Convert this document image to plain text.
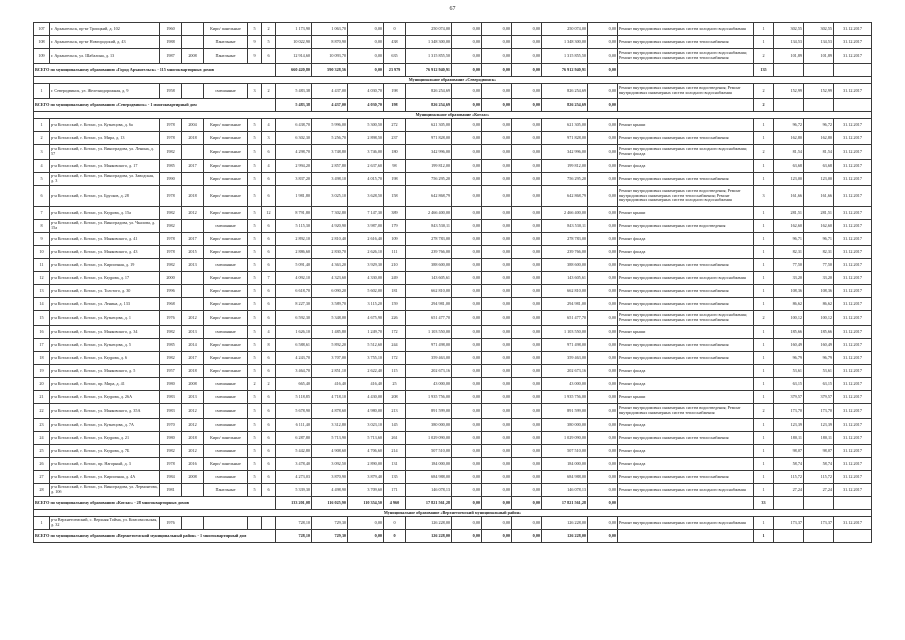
67
107	г. Архангельск, пр-кт Троицкий, д. 102	1960		Кирп/ панельные	5	2	1 173,90	1 063,70	0,00	0	250 074,00	0,00	0,00	0,00	250 074,00	0,00	Ремонт внутридомовых инженерных систем холодного водоснабжения	1	302,55	302,55	31.12.2017
108	г. Архангельск, пр-кт Новгородский, д. 43	1988		Панельные	9	5	10 022,90	8 870,90	0,00	438	1 348 300,00	0,00	0,00	0,00	1 348 300,00	0,00	Ремонт внутридомовых инженерных систем теплоснабжения	1	134,53	134,53	31.12.2017
109	г. Архангельск, ул. Шабалина, д. 13	1987	2008	Панельные	9	6	12 914,60	10 093,70	0,00	635	1 315 855,50	0,00	0,00	0,00	1 315 855,50	0,00	Ремонт внутридомовых инженерных систем холодного водоснабжения; Ремонт внутридомовых инженерных систем теплоснабжения	2	101,89	101,89	31.12.2017
ВСЕГО по муниципальному образованию «Город Архангельск» - 115 многоквартирных домов							660 420,80	590 328,56	0,00	23 979	76 912 940,91	0,00	0,00	0,00	76 912 940,91	0,00		135			
Муниципальное образование «Северодвинск»																					
1	г. Северодвинск, ул. Железнодорожная, д. 9	1958		смешанные	3	2	5 483,38	4 437,00	4 030,70	198	826 254,69	0,00	0,00	0,00	826 254,69	0,00	Ремонт внутридомовых инженерных систем водоотведения; Ремонт внутридомовых инженерных систем холодного водоснабжения	2	152,99	152,99	31.12.2017
ВСЕГО по муниципальному образованию «Северодвинск» - 1 многоквартирный дом							5 483,38	4 437,00	4 030,70	198	826 254,69	0,00	0,00	0,00	826 254,69	0,00		2			
Муниципальное образование «Котлас»																					
1	р-н Котласский, г. Котлас, ул. Кузнецова, д. 6а	1978	2004	Кирп/ панельные	5	4	6 438,70	5 996,00	5 300,50	272	621 305,00	0,00	0,00	0,00	621 305,00	0,00	Ремонт крыши	1	96,72	96,72	31.12.2017
2	р-н Котласский, г. Котлас, ул. Мира, д. 13	1978	2018	Кирп/ панельные	5	3	6 302,30	5 256,70	2 898,50	237	971 828,00	0,00	0,00	0,00	971 828,00	0,00	Ремонт внутридомовых инженерных систем теплоснабжения	1	162,80	162,80	31.12.2017
3	р-н Котласский, г. Котлас, ул. Виноградова, ул. Ленина, д. 57	1982		Кирп/ панельные	5	6	4 298,70	3 748,80	3 746,00	180	342 996,00	0,00	0,00	0,00	342 996,00	0,00	Ремонт внутридомовых инженерных систем холодного водоснабжения; Ремонт фасада	2	81,54	81,54	31.12.2017
4	р-н Котласский, г. Котлас, ул. Маяковского, д. 17	1985	2017	Кирп/ панельные	5	4	2 994,20	2 857,80	2 637,60	98	199 812,00	0,00	0,00	0,00	199 812,00	0,00	Ремонт фасада	1	63,68	63,68	31.12.2017
5	р-н Котласский, г. Котлас, ул. Виноградова, ул. Заводская, д. 3	1990		Кирп/ панельные	5	6	3 837,20	3 498,10	4 015,70	198	756 295,20	0,00	0,00	0,00	756 295,20	0,00	Ремонт внутридомовых инженерных систем теплоснабжения	1	123,00	123,00	31.12.2017
6	р-н Котласский, г. Котлас, ул. Брусков, д. 28	1978	2018	Кирп/ панельные	5	6	1 981,80	3 025,10	3 628,50	158	642 868,79	0,00	0,00	0,00	642 868,79	0,00	Ремонт внутридомовых инженерных систем водоотведения; Ремонт внутридомовых инженерных систем теплоснабжения; Ремонт внутридомовых инженерных систем холодного водоснабжения	3	161,66	161,66	31.12.2017
7	р-н Котласский, г. Котлас, ул. Кедрова, д. 15а	1982	2012	Кирп/ панельные	5	12	8 791,80	7 302,80	7 147,30	389	2 466 400,00	0,00	0,00	0,00	2 466 400,00	0,00	Ремонт крыши	1	281,51	281,51	31.12.2017
8	р-н Котласский, г. Котлас, ул. Виноградова, ул. Чкалова, д. 15а	1982		смешанные	5	6	5 115,30	4 920,90	3 987,00	179	843 530,11	0,00	0,00	0,00	843 530,11	0,00	Ремонт внутридомовых инженерных систем водоотведения	1	162,60	162,60	31.12.2017
9	р-н Котласский, г. Котлас, ул. Маяковского, д. 41	1978	2017	Кирп/ панельные	5	6	2 892,10	2 810,40	2 616,40	109	278 783,00	0,00	0,00	0,00	278 783,00	0,00	Ремонт фасада	1	96,71	96,71	31.12.2017
10	р-н Котласский, г. Котлас, ул. Маяковского, д. 43	1978	2015	Кирп/ панельные	5	6	2 886,60	2 830,70	2 626,10	111	239 766,00	0,00	0,00	0,00	239 766,00	0,00	Ремонт фасада	1	82,31	82,31	31.12.2017
11	р-н Котласский, г. Котлас, ул. Кирпичная, д. 19	1982	2013	смешанные	5	6	5 091,40	4 363,20	3 929,30	210	388 600,00	0,00	0,00	0,00	388 600,00	0,00	Ремонт внутридомовых инженерных систем теплоснабжения	1	77,50	77,50	31.12.2017
12	р-н Котласский, г. Котлас, ул. Кедрова, д. 17	2000		Кирп/ панельные	5	7	4 092,10	4 323,60	4 330,00	249	143 605,61	0,00	0,00	0,00	143 605,61	0,00	Ремонт внутридомовых инженерных систем холодного водоснабжения	1	33,20	33,20	31.12.2017
13	р-н Котласский, г. Котлас, ул. Толстого, д. 30	1996		Кирп/ панельные	5	6	6 618,70	6 090,20	5 602,00	181	662 810,00	0,00	0,00	0,00	662 810,00	0,00	Ремонт внутридомовых инженерных систем теплоснабжения	1	108,36	108,36	31.12.2017
14	р-н Котласский, г. Котлас, ул. Ленина, д. 133	1968		Кирп/ панельные	5	6	8 227,30	3 589,70	3 115,20	159	294 981,00	0,00	0,00	0,00	294 981,00	0,00	Ремонт внутридомовых инженерных систем теплоснабжения	1	86,62	86,62	31.12.2017
15	р-н Котласский, г. Котлас, ул. Кузнецова, д. 1	1976	2012	Кирп/ панельные	5	6	6 592,30	5 348,00	4 675,90	226	651 477,70	0,00	0,00	0,00	651 477,70	0,00	Ремонт внутридомовых инженерных систем холодного водоснабжения; Ремонт внутридомовых инженерных систем теплоснабжения	2	100,12	100,12	31.12.2017
16	р-н Котласский, г. Котлас, ул. Маяковского, д. 34	1982	2013	смешанные	5	4	1 626,10	1 485,80	1 249,70	172	1 103 550,00	0,00	0,00	0,00	1 103 550,00	0,00	Ремонт крыши	1	185,66	185,66	31.12.2017
17	р-н Котласский, г. Котлас, ул. Кузнецова, д. 5	1985	2014	Кирп/ панельные	5	8	6 588,61	5 892,20	5 512,60	244	971 498,00	0,00	0,00	0,00	971 498,00	0,00	Ремонт внутридомовых инженерных систем теплоснабжения	1	160,49	160,49	31.12.2017
18	р-н Котласский, г. Котлас, ул. Кедрова, д. 6	1982	2017	Кирп/ панельные	5	6	4 243,70	3 707,00	3 755,10	172	359 463,00	0,00	0,00	0,00	359 463,00	0,00	Ремонт внутридомовых инженерных систем теплоснабжения	1	96,79	96,79	31.12.2017
19	р-н Котласский, г. Котлас, ул. Маяковского, д. 5	1957	2018	Кирп/ панельные	5	6	3 464,70	2 851,10	2 622,40	115	202 673,16	0,00	0,00	0,00	202 673,16	0,00	Ремонт фасада	1	53,61	53,61	31.12.2017
20	р-н Котласский, г. Котлас, пр. Мира, д. 41	1980	2008	смешанные	2	2	665,40	416,40	416,40	25	43 000,00	0,00	0,00	0,00	43 000,00	0,00	Ремонт фасада	1	63,15	63,15	31.12.2017
21	р-н Котласский, г. Котлас, ул. Кедрова, д. 26А	1983	2013	смешанные	5	6	5 118,85	4 718,10	4 430,00	208	1 935 756,00	0,00	0,00	0,00	1 935 756,00	0,00	Ремонт крыши	1	379,57	379,57	31.12.2017
22	р-н Котласский, г. Котлас, ул. Маяковского, д. 35А	1983	2012	смешанные	5	6	5 678,90	4 878,60	4 980,00	213	891 599,00	0,00	0,00	0,00	891 599,00	0,00	Ремонт внутридомовых инженерных систем водоотведения; Ремонт внутридомовых инженерных систем теплоснабжения	2	173,70	173,70	31.12.2017
23	р-н Котласский, г. Котлас, ул. Кузнецова, д. 7А	1970	2012	смешанные	5	6	6 111,40	3 312,80	3 023,10	145	380 000,00	0,00	0,00	0,00	380 000,00	0,00	Ремонт фасада	1	123,39	123,39	31.12.2017
24	р-н Котласский, г. Котлас, ул. Кедрова, д. 21	1980	2018	Кирп/ панельные	5	6	6 287,80	5 713,90	5 713,60	261	1 029 090,00	0,00	0,00	0,00	1 029 090,00	0,00	Ремонт внутридомовых инженерных систем теплоснабжения	1	180,11	180,11	31.12.2017
25	р-н Котласский, г. Котлас, ул. Кедрова, д. 7Б	1982	2012	смешанные	5	6	5 442,80	4 908,60	4 706,60	214	507 510,00	0,00	0,00	0,00	507 510,00	0,00	Ремонт фасада	1	98,07	98,07	31.12.2017
26	р-н Котласский, г. Котлас, пр. Нагорный, д. 3	1978	2016	Кирп/ панельные	5	6	3 478,40	3 092,50	2 890,00	131	184 000,00	0,00	0,00	0,00	184 000,00	0,00	Ремонт фасада	1	58,74	58,74	31.12.2017
27	р-н Котласский, г. Котлас, ул. Кирпичная, д. 4А	1984	2008	смешанные	5	6	4 273,03	3 870,90	3 879,40	135	684 988,00	0,00	0,00	0,00	684 988,00	0,00	Ремонт внутридомовых инженерных систем теплоснабжения	1	115,72	115,72	31.12.2017
28	р-н Котласский, г. Котлас, ул. Виноградова, ул. Лермонтова, д. 10б	1981		Панельные	5	6	5 339,30	4 498,90	3 709,60	171	146 078,13	0,00	0,00	0,00	146 078,13	0,00	Ремонт внутридомовых инженерных систем холодного водоснабжения	1	27,24	27,24	31.12.2017
ВСЕГО по муниципальному образованию «Котлас» - 28 многоквартирных домов							133 201,08	116 025,90	110 354,50	4 960	17 821 561,28	0,00	0,00	0,00	17 821 561,28	0,00		33			
Муниципальное образование «Верхнетоемский муниципальный район»																					
1	р-н Верхнетоемский, с. Верхняя Тойма, ул. Комсомольская, д. 32	1976					728,10	729,30	0,00	0	126 228,00	0,00	0,00	0,00	126 228,00	0,00	Ремонт внутридомовых инженерных систем холодного водоснабжения	1	173,37	173,37	31.12.2017
ВСЕГО по муниципальному образованию «Верхнетоемский муниципальный район» - 1 многоквартирный дом							728,10	729,30	0,00	0	126 228,00	0,00	0,00	0,00	126 228,00	0,00		1			
